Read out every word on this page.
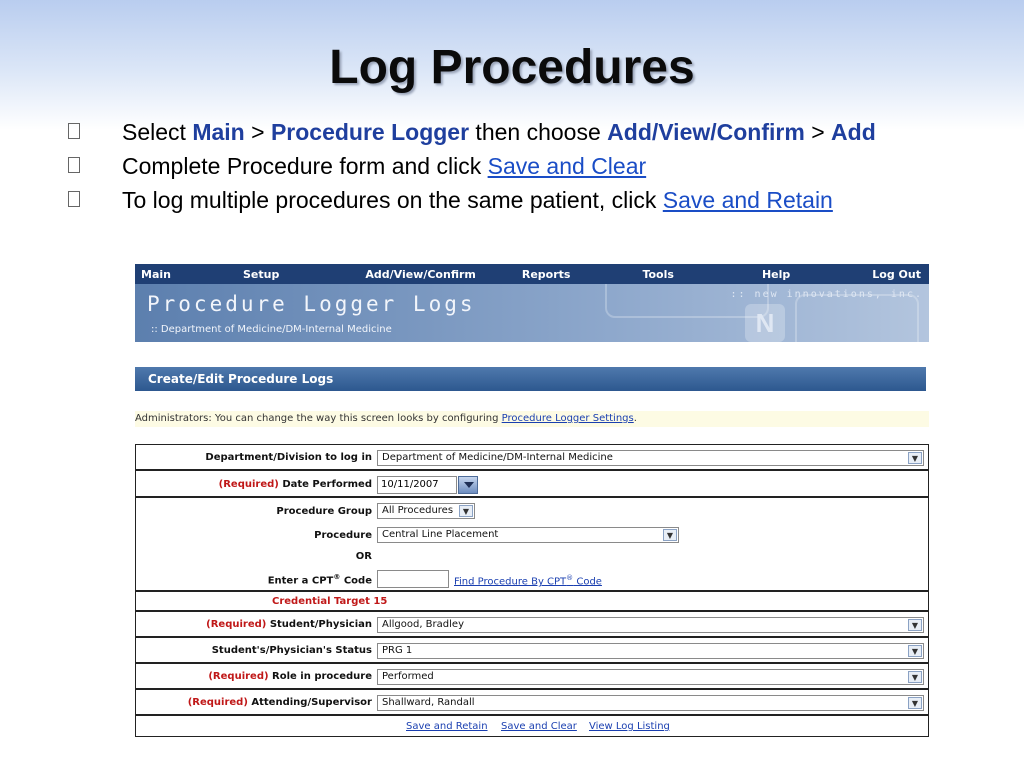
Log Procedures
Select Main > Procedure Logger then choose Add/View/Confirm > Add
Complete Procedure form and click Save and Clear
To log multiple procedures on the same patient, click Save and Retain
Main	Setup	Add/View/Confirm	Reports	Tools	Help	Log Out
Procedure Logger Logs
:: Department of Medicine/DM-Internal Medicine
:: new innovations, inc.
N
Create/Edit Procedure Logs
Administrators: You can change the way this screen looks by configuring Procedure Logger Settings.
Department/Division to log in	Department of Medicine/DM-Internal Medicine	▼
(Required) Date Performed 10/11/2007
Procedure Group	All Procedures	▼
Procedure	Central Line Placement	▼
OR
Enter a CPT® Code	Find Procedure By CPT® Code
Credential Target 15
(Required) Student/Physician	Allgood, Bradley	▼
Student's/Physician's Status	PRG 1	▼
(Required) Role in procedure	Performed	▼
(Required) Attending/Supervisor	Shallward, Randall	▼
Save and Retain Save and Clear View Log Listing
